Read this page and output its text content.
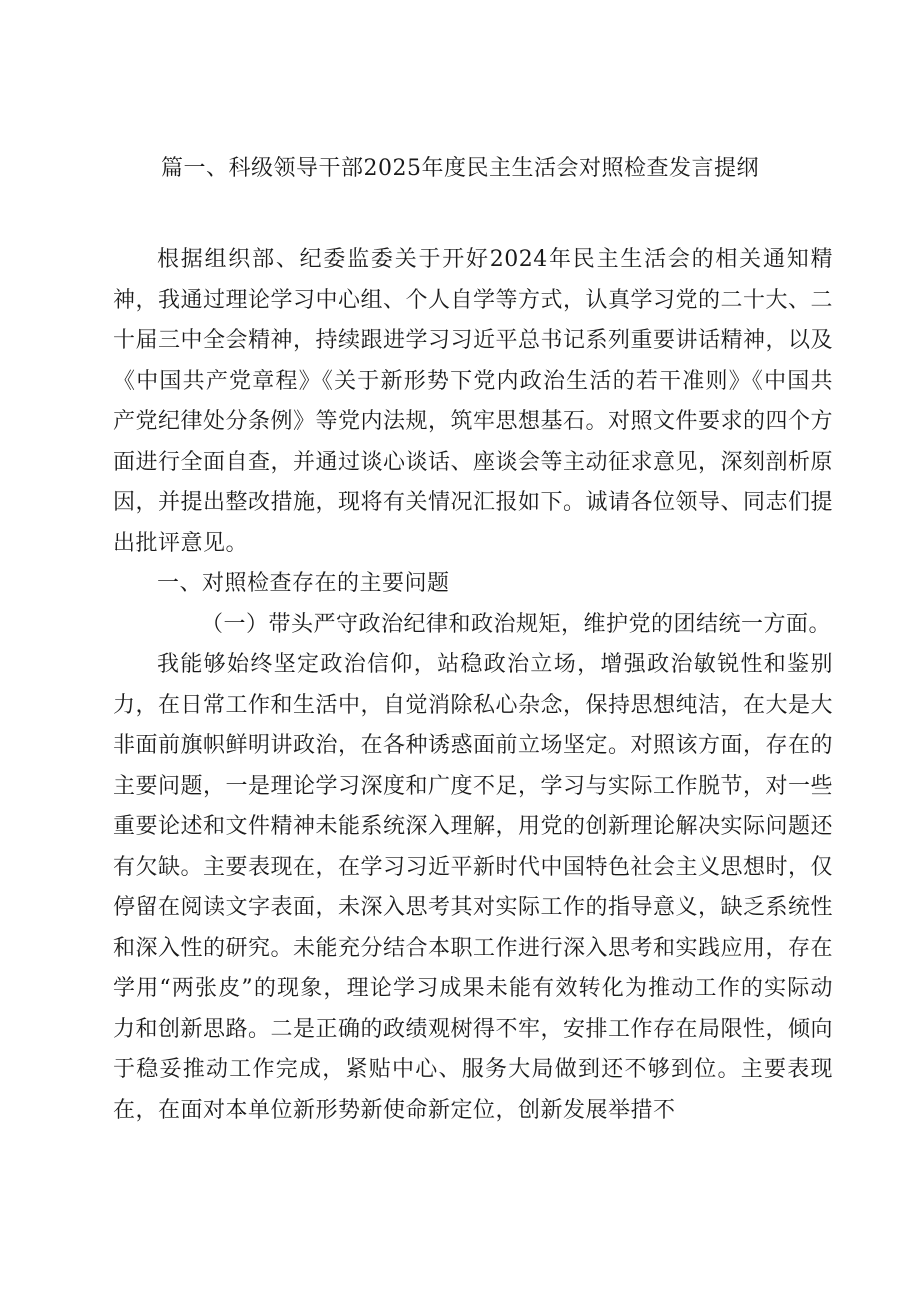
篇一、科级领导干部2025年度民主生活会对照检查发言提纲

根据组织部、纪委监委关于开好2024年民主生活会的相关通知精神，我通过理论学习中心组、个人自学等方式，认真学习党的二十大、二十届三中全会精神，持续跟进学习习近平总书记系列重要讲话精神，以及《中国共产党章程》《关于新形势下党内政治生活的若干准则》《中国共产党纪律处分条例》等党内法规，筑牢思想基石。对照文件要求的四个方面进行全面自查，并通过谈心谈话、座谈会等主动征求意见，深刻剖析原因，并提出整改措施，现将有关情况汇报如下。诚请各位领导、同志们提出批评意见。

一、对照检查存在的主要问题

（一）带头严守政治纪律和政治规矩，维护党的团结统一方面。

我能够始终坚定政治信仰，站稳政治立场，增强政治敏锐性和鉴别力，在日常工作和生活中，自觉消除私心杂念，保持思想纯洁，在大是大非面前旗帜鲜明讲政治，在各种诱惑面前立场坚定。对照该方面，存在的主要问题，一是理论学习深度和广度不足，学习与实际工作脱节，对一些重要论述和文件精神未能系统深入理解，用党的创新理论解决实际问题还有欠缺。主要表现在，在学习习近平新时代中国特色社会主义思想时，仅停留在阅读文字表面，未深入思考其对实际工作的指导意义，缺乏系统性和深入性的研究。未能充分结合本职工作进行深入思考和实践应用，存在学用“两张皮”的现象，理论学习成果未能有效转化为推动工作的实际动力和创新思路。二是正确的政绩观树得不牢，安排工作存在局限性，倾向于稳妥推动工作完成，紧贴中心、服务大局做到还不够到位。主要表现在，在面对本单位新形势新使命新定位，创新发展举措不
